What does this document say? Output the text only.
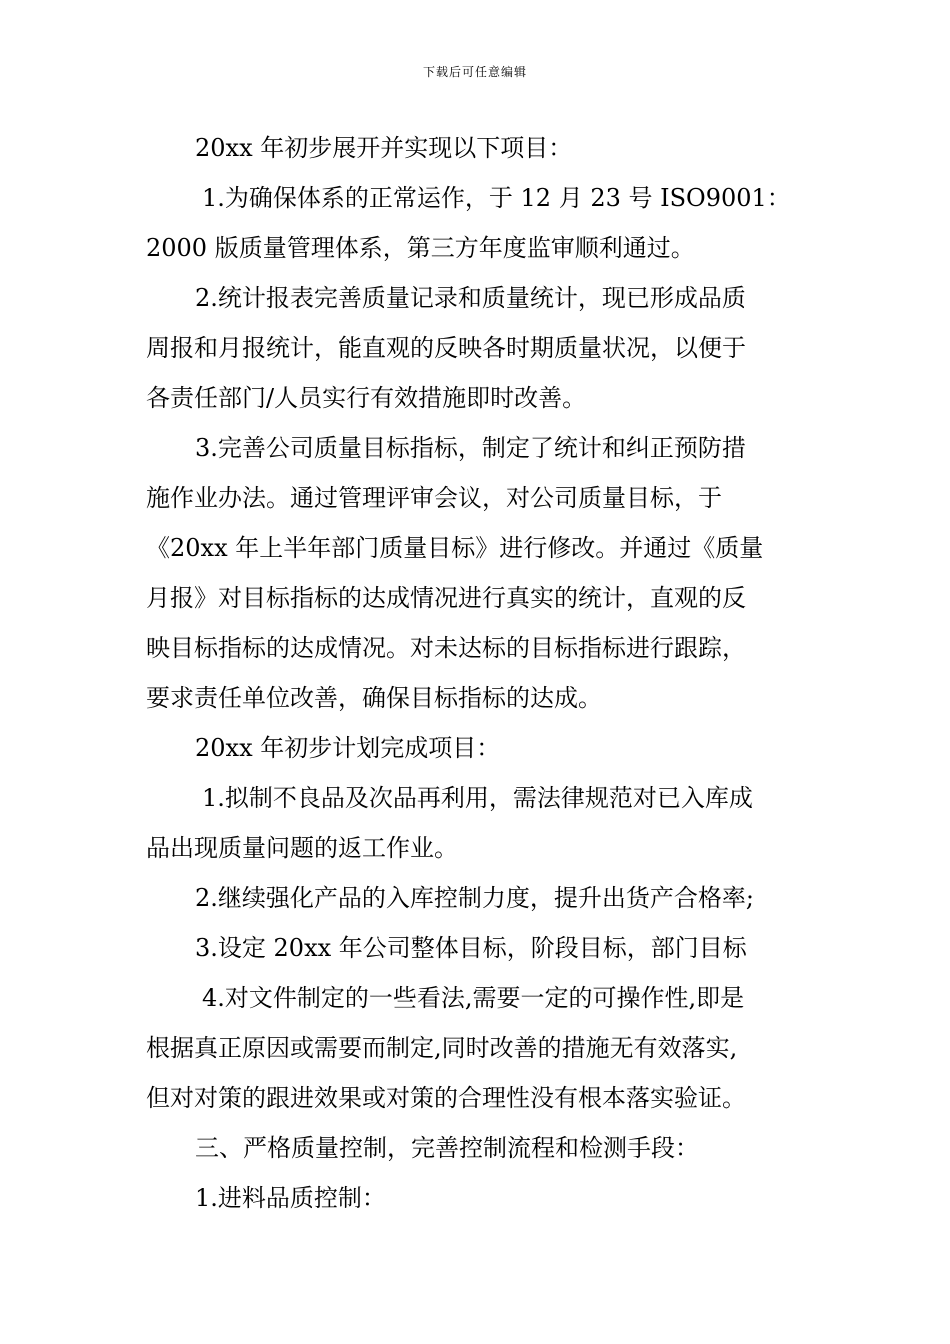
下载后可任意编辑
20xx 年初步展开并实现以下项目：
1.为确保体系的正常运作，于 12 月 23 号 ISO9001：
2000 版质量管理体系，第三方年度监审顺利通过。
2.统计报表完善质量记录和质量统计，现已形成品质
周报和月报统计，能直观的反映各时期质量状况，以便于
各责任部门/人员实行有效措施即时改善。
3.完善公司质量目标指标，制定了统计和纠正预防措
施作业办法。通过管理评审会议，对公司质量目标，于
《20xx 年上半年部门质量目标》进行修改。并通过《质量
月报》对目标指标的达成情况进行真实的统计，直观的反
映目标指标的达成情况。对未达标的目标指标进行跟踪，
要求责任单位改善，确保目标指标的达成。
20xx 年初步计划完成项目：
1.拟制不良品及次品再利用，需法律规范对已入库成
品出现质量问题的返工作业。
2.继续强化产品的入库控制力度，提升出货产合格率;
3.设定 20xx 年公司整体目标，阶段目标，部门目标
4.对文件制定的一些看法,需要一定的可操作性,即是
根据真正原因或需要而制定,同时改善的措施无有效落实,
但对对策的跟进效果或对策的合理性没有根本落实验证。
三、严格质量控制，完善控制流程和检测手段：
1.进料品质控制：
